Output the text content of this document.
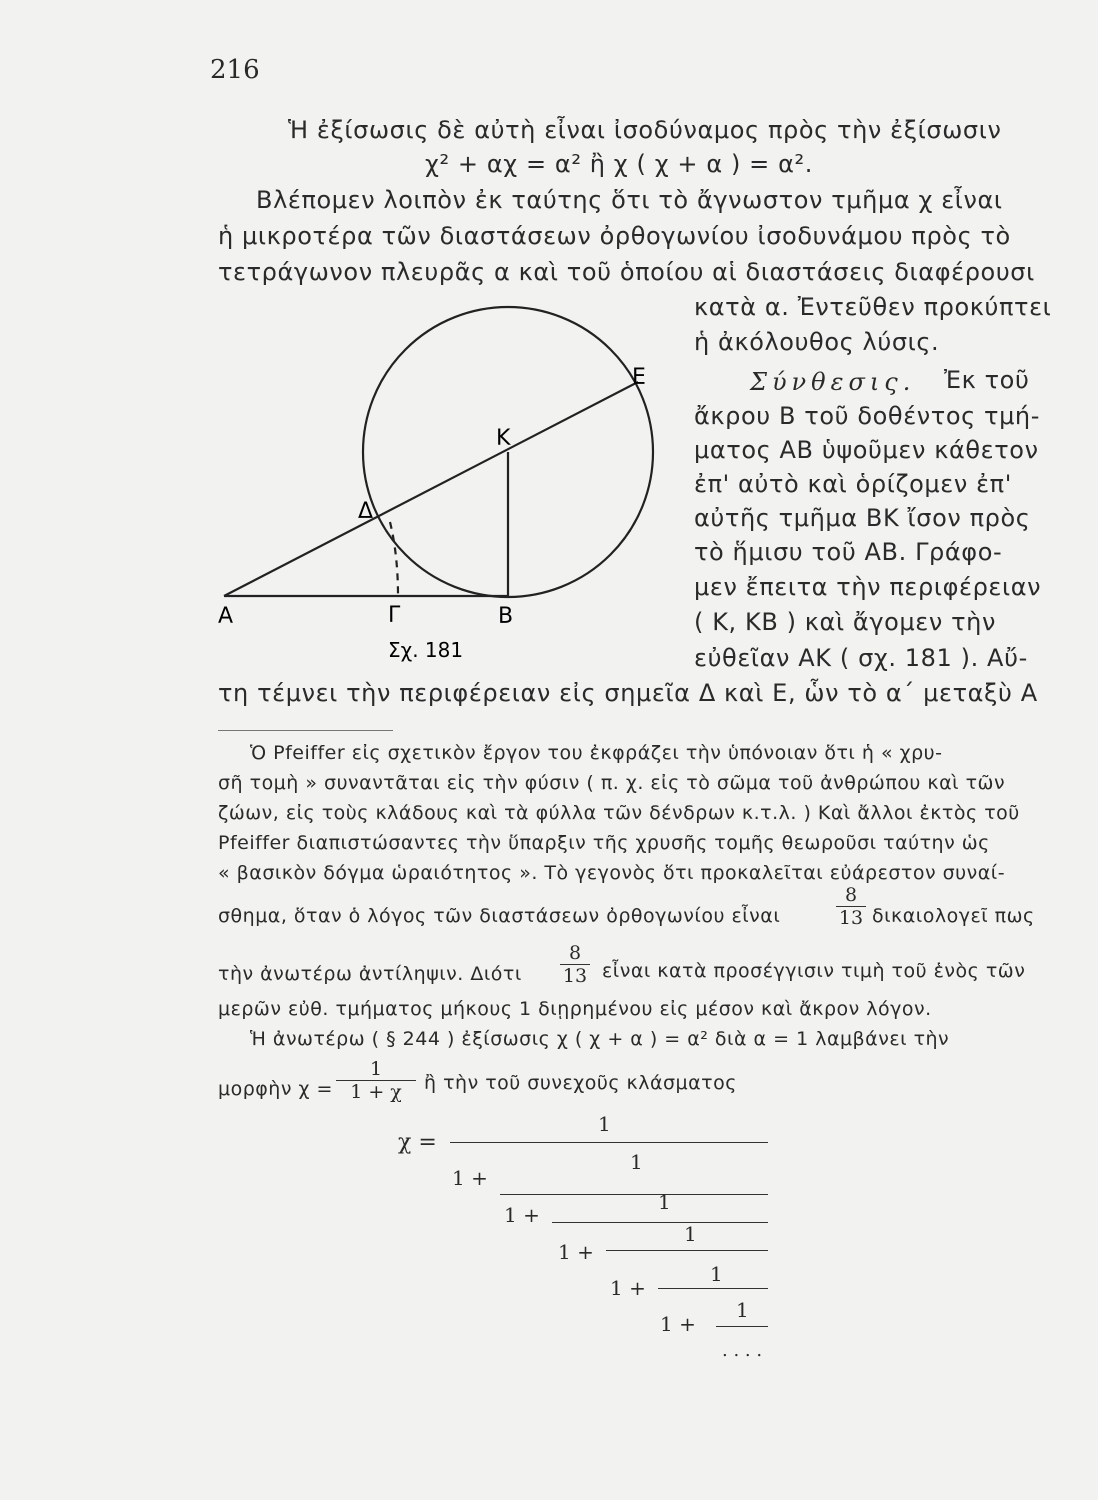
216
Ἡ ἐξίσωσις δὲ αὐτὴ εἶναι ἰσοδύναμος πρὸς τὴν ἐξίσωσιν
χ² + αχ = α² ἢ χ ( χ + α ) = α².
Βλέπομεν λοιπὸν ἐκ ταύτης ὅτι τὸ ἄγνωστον τμῆμα χ εἶναι
ἡ μικροτέρα τῶν διαστάσεων ὀρθογωνίου ἰσοδυνάμου πρὸς τὸ
τετράγωνον πλευρᾶς α καὶ τοῦ ὁποίου αἱ διαστάσεις διαφέρουσι
κατὰ α. Ἐντεῦθεν προκύπτει
ἡ ἀκόλουθος λύσις.
Σύνθεσις. Ἐκ τοῦ
ἄκρου Β τοῦ δοθέντος τμή-
ματος ΑΒ ὑψοῦμεν κάθετον
ἐπ' αὐτὸ καὶ ὁρίζομεν ἐπ'
αὐτῆς τμῆμα ΒΚ ἴσον πρὸς
τὸ ἥμισυ τοῦ ΑΒ. Γράφο-
μεν ἔπειτα τὴν περιφέρειαν
( Κ, ΚΒ ) καὶ ἄγομεν τὴν
εὐθεῖαν ΑΚ ( σχ. 181 ). Αὔ-
Α	Β
Γ
Δ
Ε
Κ
Σχ. 181
τη τέμνει τὴν περιφέρειαν εἰς σημεῖα Δ καὶ Ε, ὧν τὸ α΄ μεταξὺ Α
Ὁ Pfeiffer εἰς σχετικὸν ἔργον του ἐκφράζει τὴν ὑπόνοιαν ὅτι ἡ « χρυ-
σῆ τομὴ » συναντᾶται εἰς τὴν φύσιν ( π. χ. εἰς τὸ σῶμα τοῦ ἀνθρώπου καὶ τῶν
ζώων, εἰς τοὺς κλάδους καὶ τὰ φύλλα τῶν δένδρων κ.τ.λ. ) Καὶ ἄλλοι ἐκτὸς τοῦ
Pfeiffer διαπιστώσαντες τὴν ὕπαρξιν τῆς χρυσῆς τομῆς θεωροῦσι ταύτην ὡς
« βασικὸν δόγμα ὡραιότητος ». Τὸ γεγονὸς ὅτι προκαλεῖται εὐάρεστον συναί-
σθημα, ὅταν ὁ λόγος τῶν διαστάσεων ὀρθογωνίου εἶναι	$\frac{8}{13}$ δικαιολογεῖ πως
τὴν ἀνωτέρω ἀντίληψιν. Διότι $\frac{8}{13}$ εἶναι κατὰ προσέγγισιν τιμὴ τοῦ ἑνὸς τῶν
μερῶν εὐθ. τμήματος μήκους 1 διῃρημένου εἰς μέσον καὶ ἄκρον λόγον.
Ἡ ἀνωτέρω ( § 244 ) ἐξίσωσις χ ( χ + α ) = α² διὰ α = 1 λαμβάνει τὴν
μορφὴν $\chi = \frac{1}{1 + \chi}$ ἢ τὴν τοῦ συνεχοῦς κλάσματος
χ =
1
1 +
1
1 +
1
1 +
1
1 +
1
1 +
1
. . . .
